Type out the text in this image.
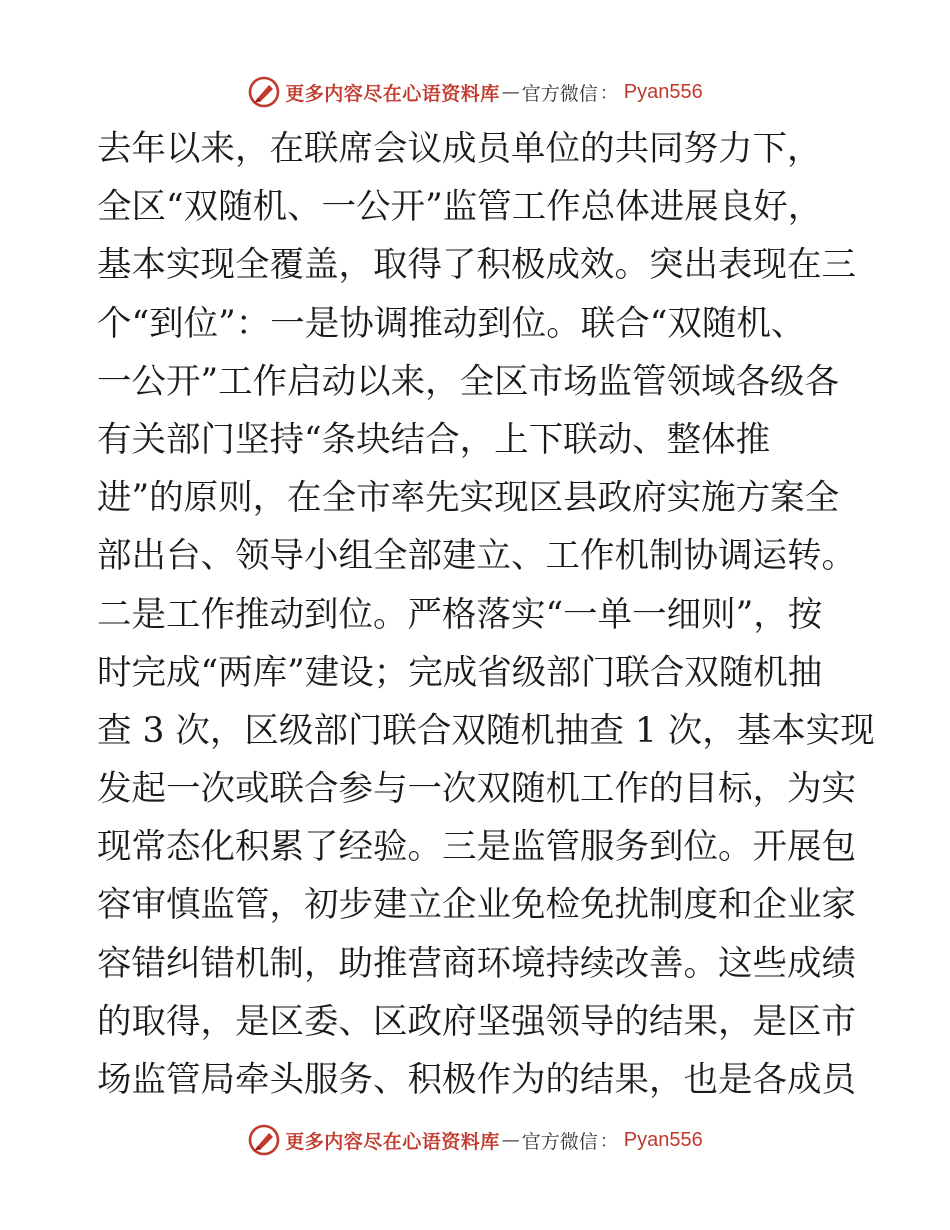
更多内容尽在心语资料库 — 官方微信 ： Pyan556
去年以来，在联席会议成员单位的共同努力下，
全区“双随机、一公开”监管工作总体进展良好，
基本实现全覆盖，取得了积极成效。突出表现在三
个“到位”：一是协调推动到位。联合“双随机、
一公开”工作启动以来，全区市场监管领域各级各
有关部门坚持“条块结合，上下联动、整体推
进”的原则，在全市率先实现区县政府实施方案全
部出台、领导小组全部建立、工作机制协调运转。
二是工作推动到位。严格落实“一单一细则”，按
时完成“两库”建设；完成省级部门联合双随机抽
查 3 次，区级部门联合双随机抽查 1 次，基本实现
发起一次或联合参与一次双随机工作的目标，为实
现常态化积累了经验。三是监管服务到位。开展包
容审慎监管，初步建立企业免检免扰制度和企业家
容错纠错机制，助推营商环境持续改善。这些成绩
的取得，是区委、区政府坚强领导的结果，是区市
场监管局牵头服务、积极作为的结果，也是各成员
更多内容尽在心语资料库 — 官方微信 ： Pyan556
